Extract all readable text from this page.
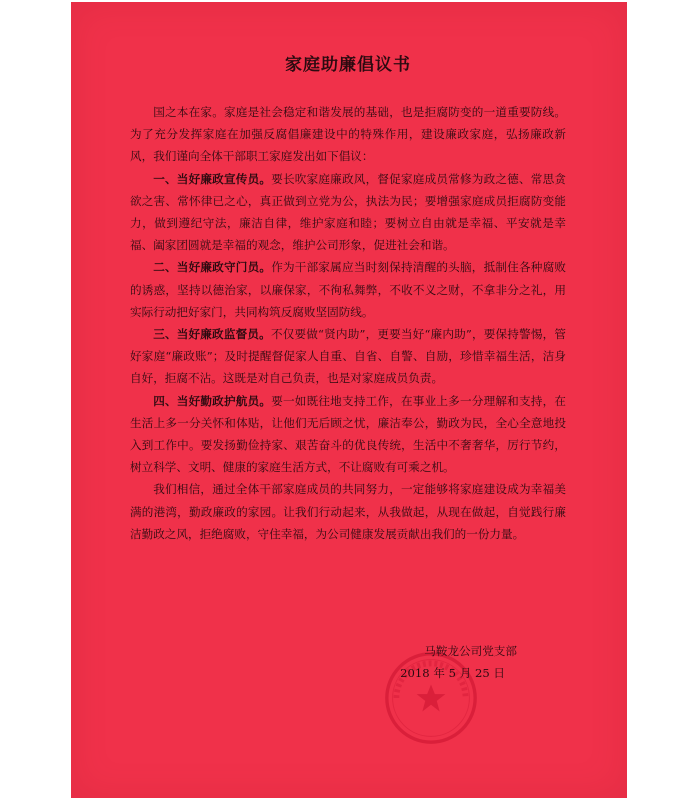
家庭助廉倡议书

国之本在家。家庭是社会稳定和谐发展的基础，也是拒腐防变的一道重要防线。为了充分发挥家庭在加强反腐倡廉建设中的特殊作用，建设廉政家庭，弘扬廉政新风，我们谨向全体干部职工家庭发出如下倡议：

一、当好廉政宣传员。要长吹家庭廉政风，督促家庭成员常修为政之德、常思贪欲之害、常怀律已之心，真正做到立党为公，执法为民；要增强家庭成员拒腐防变能力，做到遵纪守法，廉洁自律，维护家庭和睦；要树立自由就是幸福、平安就是幸福、阖家团圆就是幸福的观念，维护公司形象，促进社会和谐。

二、当好廉政守门员。作为干部家属应当时刻保持清醒的头脑，抵制住各种腐败的诱惑，坚持以德治家，以廉保家，不徇私舞弊，不收不义之财，不拿非分之礼，用实际行动把好家门，共同构筑反腐败坚固防线。

三、当好廉政监督员。不仅要做“贤内助”，更要当好“廉内助”，要保持警惕，管好家庭“廉政账”；及时提醒督促家人自重、自省、自警、自励，珍惜幸福生活，洁身自好，拒腐不沾。这既是对自己负责，也是对家庭成员负责。

四、当好勤政护航员。要一如既往地支持工作，在事业上多一分理解和支持，在生活上多一分关怀和体贴，让他们无后顾之忧，廉洁奉公，勤政为民，全心全意地投入到工作中。要发扬勤俭持家、艰苦奋斗的优良传统，生活中不奢奢华，厉行节约，树立科学、文明、健康的家庭生活方式，不让腐败有可乘之机。

我们相信，通过全体干部家庭成员的共同努力，一定能够将家庭建设成为幸福美满的港湾，勤政廉政的家园。让我们行动起来，从我做起，从现在做起，自觉践行廉洁勤政之风，拒绝腐败，守住幸福，为公司健康发展贡献出我们的一份力量。

马鞍龙公司党支部
2018 年 5 月 25 日
